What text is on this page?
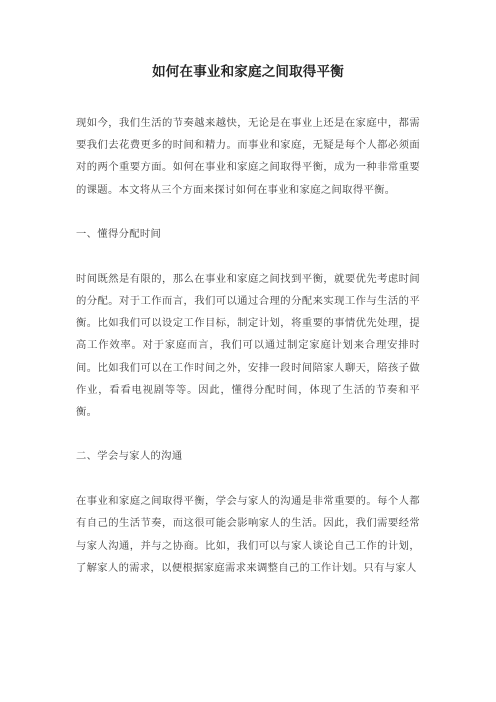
如何在事业和家庭之间取得平衡

现如今，我们生活的节奏越来越快，无论是在事业上还是在家庭中，都需要我们去花费更多的时间和精力。而事业和家庭，无疑是每个人都必须面对的两个重要方面。如何在事业和家庭之间取得平衡，成为一种非常重要的课题。本文将从三个方面来探讨如何在事业和家庭之间取得平衡。

一、懂得分配时间

时间既然是有限的，那么在事业和家庭之间找到平衡，就要优先考虑时间的分配。对于工作而言，我们可以通过合理的分配来实现工作与生活的平衡。比如我们可以设定工作目标，制定计划，将重要的事情优先处理，提高工作效率。对于家庭而言，我们可以通过制定家庭计划来合理安排时间。比如我们可以在工作时间之外，安排一段时间陪家人聊天，陪孩子做作业，看看电视剧等等。因此，懂得分配时间，体现了生活的节奏和平衡。

二、学会与家人的沟通

在事业和家庭之间取得平衡，学会与家人的沟通是非常重要的。每个人都有自己的生活节奏，而这很可能会影响家人的生活。因此，我们需要经常与家人沟通，并与之协商。比如，我们可以与家人谈论自己工作的计划，了解家人的需求，以便根据家庭需求来调整自己的工作计划。只有与家人
